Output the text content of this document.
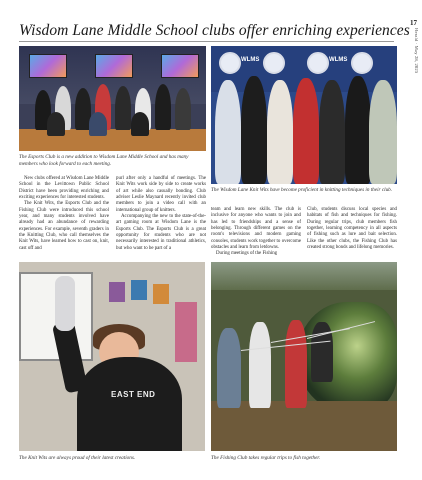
17
Herald · May 28, 2025
Wisdom Lane Middle School clubs offer enriching experiences
The Esports Club is a new addition to Wisdom Lane Middle School and has many members who look forward to each meeting.
WLMS	WLMS
The Wisdom Lane Knit Wits have become proficient in knitting techniques in their club.

New clubs offered at Wisdom Lane Middle School in the Levittown Public School District have been providing enriching and exciting experiences for interested students.

The Knit Wits, the Esports Club and the Fishing Club were introduced this school year, and many students involved have already had an abundance of rewarding experiences. For example, seventh graders in the Knitting Club, who call themselves the Knit Wits, have learned how to cast on, knit, cast off and

purl after only a handful of meetings. The Knit Wits work side by side to create works of art while also casually bonding. Club adviser Leslie Maynard recently invited club members to join a video call with an international group of knitters.

Accompanying the new to the state-of-the-art gaming room at Wisdom Lane is the Esports Club. The Esports Club is a great opportunity for students who are not necessarily interested in traditional athletics, but who want to be part of a

team and learn new skills. The club is inclusive for anyone who wants to join and has led to friendships and a sense of belonging. Through different games on the room's televisions and modern gaming consoles, students work together to overcome obstacles and learn from letdowns.

During meetings of the Fishing

Club, students discuss local species and habitats of fish and techniques for fishing. During regular trips, club members fish together, learning competency in all aspects of fishing such as lure and bait selection. Like the other clubs, the Fishing Club has created strong bonds and lifelong memories.

EAST END
The Knit Wits are always proud of their latest creations.	The Fishing Club takes regular trips to fish together.
